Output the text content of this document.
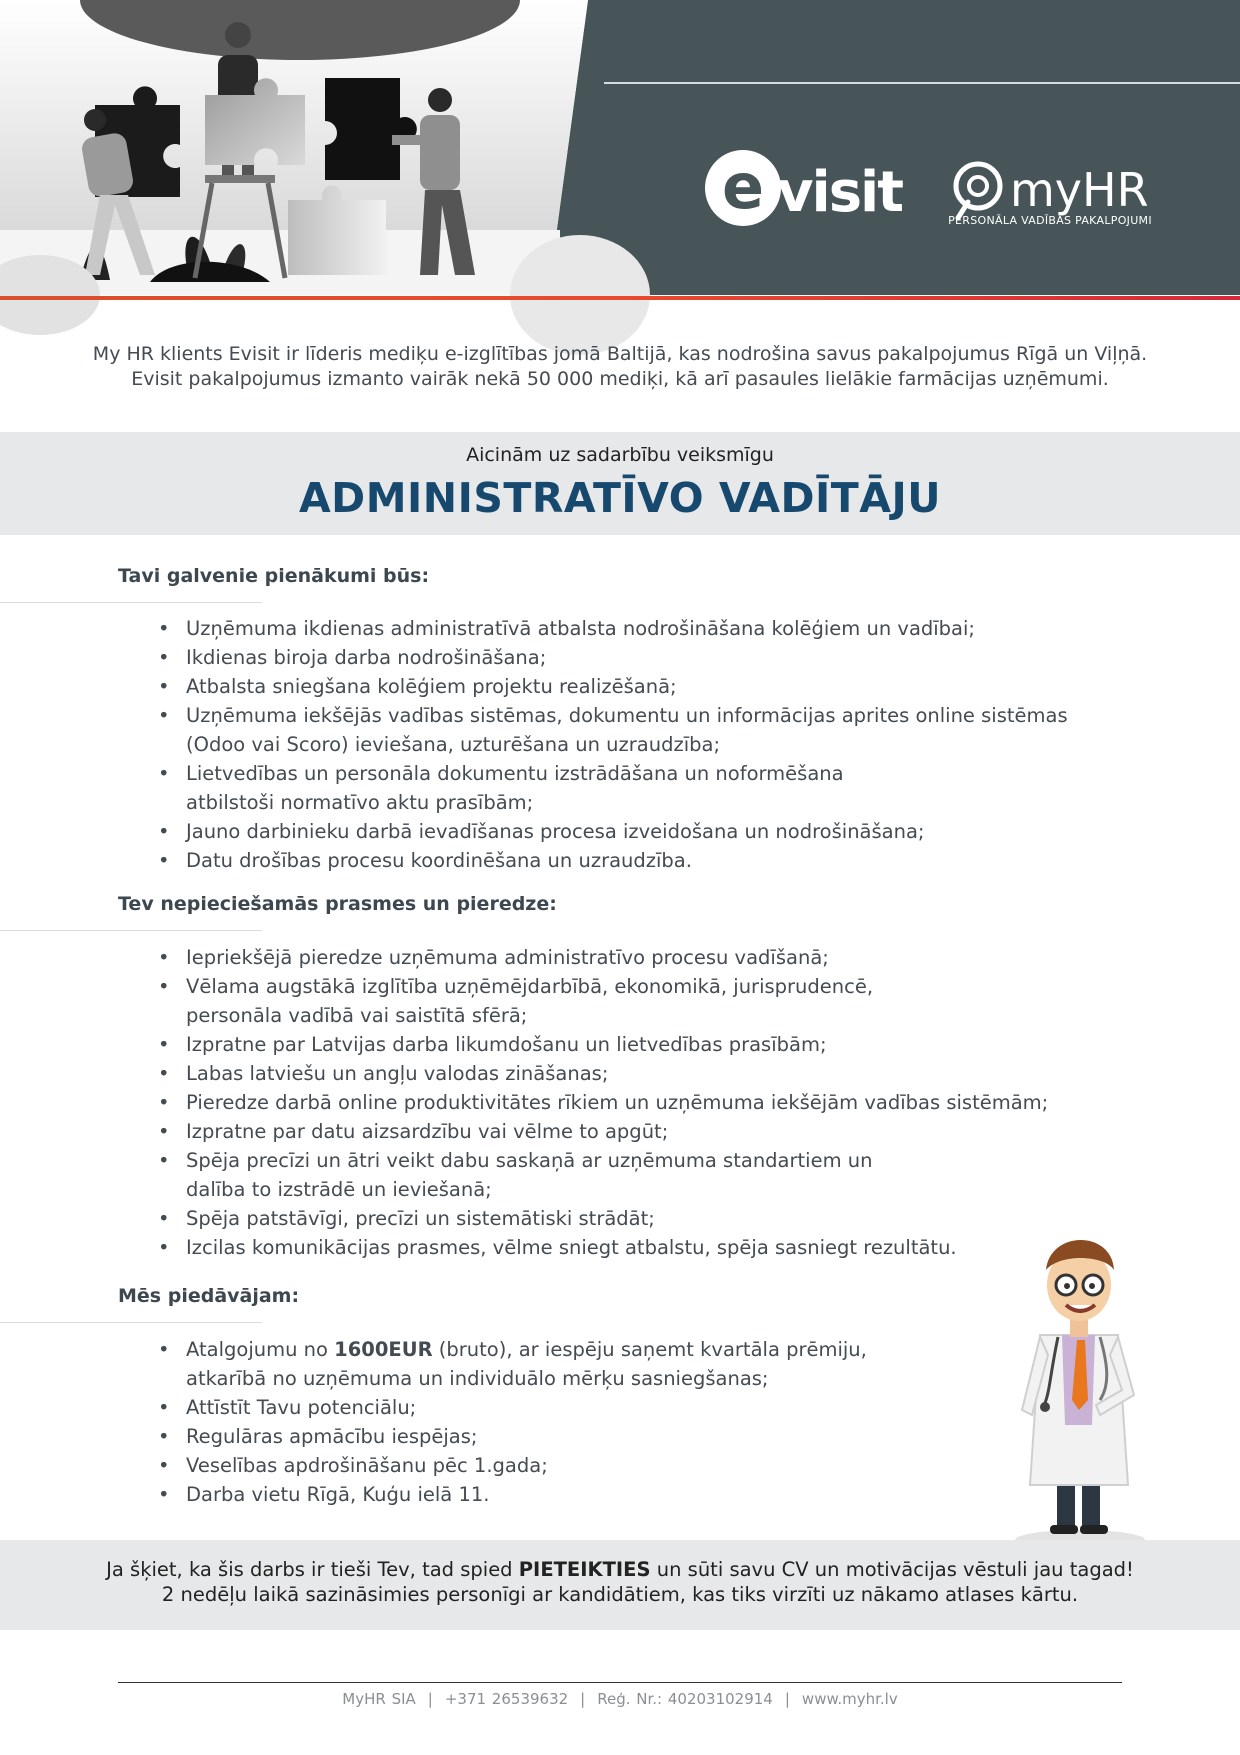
e visit myHR
PERSONĀLA VADĪBAS PAKALPOJUMI
My HR klients Evisit ir līderis mediķu e-izglītības jomā Baltijā, kas nodrošina savus pakalpojumus Rīgā un Viļņā.
Evisit pakalpojumus izmanto vairāk nekā 50 000 mediķi, kā arī pasaules lielākie farmācijas uzņēmumi.
Aicinām uz sadarbību veiksmīgu
ADMINISTRATĪVO VADĪTĀJU
Tavi galvenie pienākumi būs:
• Uzņēmuma ikdienas administratīvā atbalsta nodrošināšana kolēģiem un vadībai;
• Ikdienas biroja darba nodrošināšana;
• Atbalsta sniegšana kolēģiem projektu realizēšanā;
• Uzņēmuma iekšējās vadības sistēmas, dokumentu un informācijas aprites online sistēmas
(Odoo vai Scoro) ieviešana, uzturēšana un uzraudzība;
• Lietvedības un personāla dokumentu izstrādāšana un noformēšana
atbilstoši normatīvo aktu prasībām;
• Jauno darbinieku darbā ievadīšanas procesa izveidošana un nodrošināšana;
• Datu drošības procesu koordinēšana un uzraudzība.
Tev nepieciešamās prasmes un pieredze:
• Iepriekšējā pieredze uzņēmuma administratīvo procesu vadīšanā;
• Vēlama augstākā izglītība uzņēmējdarbībā, ekonomikā, jurisprudencē,
personāla vadībā vai saistītā sfērā;
• Izpratne par Latvijas darba likumdošanu un lietvedības prasībām;
• Labas latviešu un angļu valodas zināšanas;
• Pieredze darbā online produktivitātes rīkiem un uzņēmuma iekšējām vadības sistēmām;
• Izpratne par datu aizsardzību vai vēlme to apgūt;
• Spēja precīzi un ātri veikt dabu saskaņā ar uzņēmuma standartiem un
dalība to izstrādē un ieviešanā;
• Spēja patstāvīgi, precīzi un sistemātiski strādāt;
• Izcilas komunikācijas prasmes, vēlme sniegt atbalstu, spēja sasniegt rezultātu.
Mēs piedāvājam:
• Atalgojumu no 1600EUR (bruto), ar iespēju saņemt kvartāla prēmiju,
atkarībā no uzņēmuma un individuālo mērķu sasniegšanas;
• Attīstīt Tavu potenciālu;
• Regulāras apmācību iespējas;
• Veselības apdrošināšanu pēc 1.gada;
• Darba vietu Rīgā, Kuģu ielā 11.
Ja šķiet, ka šis darbs ir tieši Tev, tad spied PIETEIKTIES un sūti savu CV un motivācijas vēstuli jau tagad!
2 nedēļu laikā sazināsimies personīgi ar kandidātiem, kas tiks virzīti uz nākamo atlases kārtu.
MyHR SIA | +371 26539632 | Reģ. Nr.: 40203102914 | www.myhr.lv
